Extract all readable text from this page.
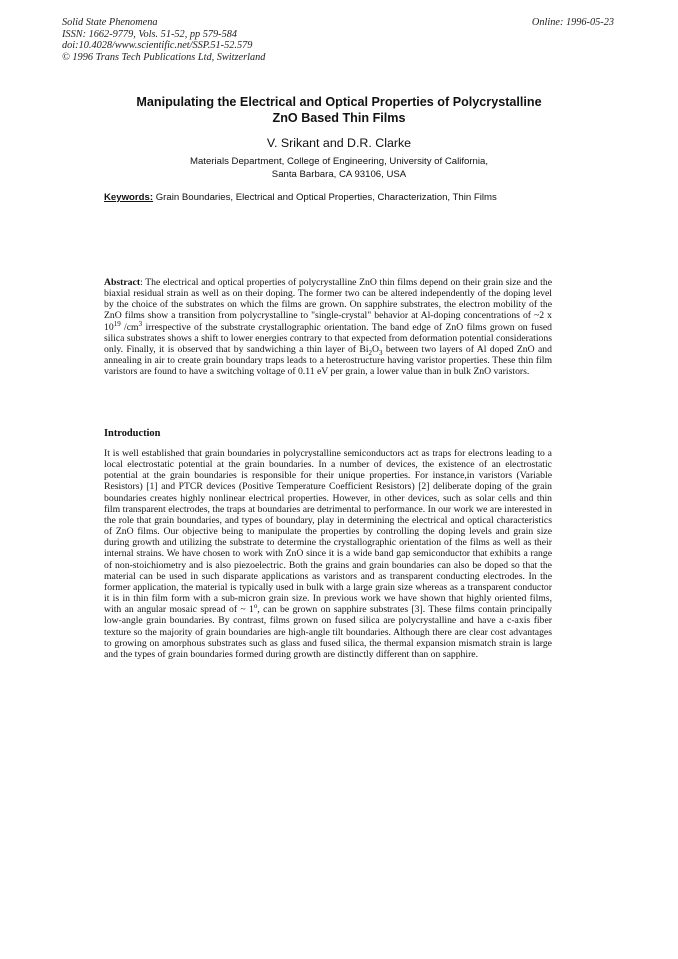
Solid State Phenomena
ISSN: 1662-9779, Vols. 51-52, pp 579-584
doi:10.4028/www.scientific.net/SSP.51-52.579
© 1996 Trans Tech Publications Ltd, Switzerland
Online: 1996-05-23
Manipulating the Electrical and Optical Properties of Polycrystalline
ZnO Based Thin Films
V. Srikant and D.R. Clarke
Materials Department, College of Engineering, University of California,
Santa Barbara, CA 93106, USA
Keywords: Grain Boundaries, Electrical and Optical Properties, Characterization, Thin Films
Abstract: The electrical and optical properties of polycrystalline ZnO thin films depend on their grain size and the biaxial residual strain as well as on their doping. The former two can be altered independently of the doping level by the choice of the substrates on which the films are grown. On sapphire substrates, the electron mobility of the ZnO films show a transition from polycrystalline to "single-crystal" behavior at Al-doping concentrations of ~2 x $10^{19}$ $/cm^3$ irrespective of the substrate crystallographic orientation. The band edge of ZnO films grown on fused silica substrates shows a shift to lower energies contrary to that expected from deformation potential considerations only. Finally, it is observed that by sandwiching a thin layer of $Bi_2O_3$ between two layers of Al doped ZnO and annealing in air to create grain boundary traps leads to a heterostructure having varistor properties. These thin film varistors are found to have a switching voltage of 0.11 eV per grain, a lower value than in bulk ZnO varistors.
Introduction
It is well established that grain boundaries in polycrystalline semiconductors act as traps for electrons leading to a local electrostatic potential at the grain boundaries. In a number of devices, the existence of an electrostatic potential at the grain boundaries is responsible for their unique properties. For instance,in varistors (Variable Resistors) [1] and PTCR devices (Positive Temperature Coefficient Resistors) [2] deliberate doping of the grain boundaries creates highly nonlinear electrical properties. However, in other devices, such as solar cells and thin film transparent electrodes, the traps at boundaries are detrimental to performance. In our work we are interested in the role that grain boundaries, and types of boundary, play in determining the electrical and optical characteristics of ZnO films. Our objective being to manipulate the properties by controlling the doping levels and grain size during growth and utilizing the substrate to determine the crystallographic orientation of the films as well as their internal strains. We have chosen to work with ZnO since it is a wide band gap semiconductor that exhibits a range of non-stoichiometry and is also piezoelectric. Both the grains and grain boundaries can also be doped so that the material can be used in such disparate applications as varistors and as transparent conducting electrodes. In the former application, the material is typically used in bulk with a large grain size whereas as a transparent conductor it is in thin film form with a sub-micron grain size. In previous work we have shown that highly oriented films, with an angular mosaic spread of ~ 1$^o$, can be grown on sapphire substrates [3]. These films contain principally low-angle grain boundaries. By contrast, films grown on fused silica are polycrystalline and have a c-axis fiber texture so the majority of grain boundaries are high-angle tilt boundaries. Although there are clear cost advantages to growing on amorphous substrates such as glass and fused silica, the thermal expansion mismatch strain is large and the types of grain boundaries formed during growth are distinctly different than on sapphire.
